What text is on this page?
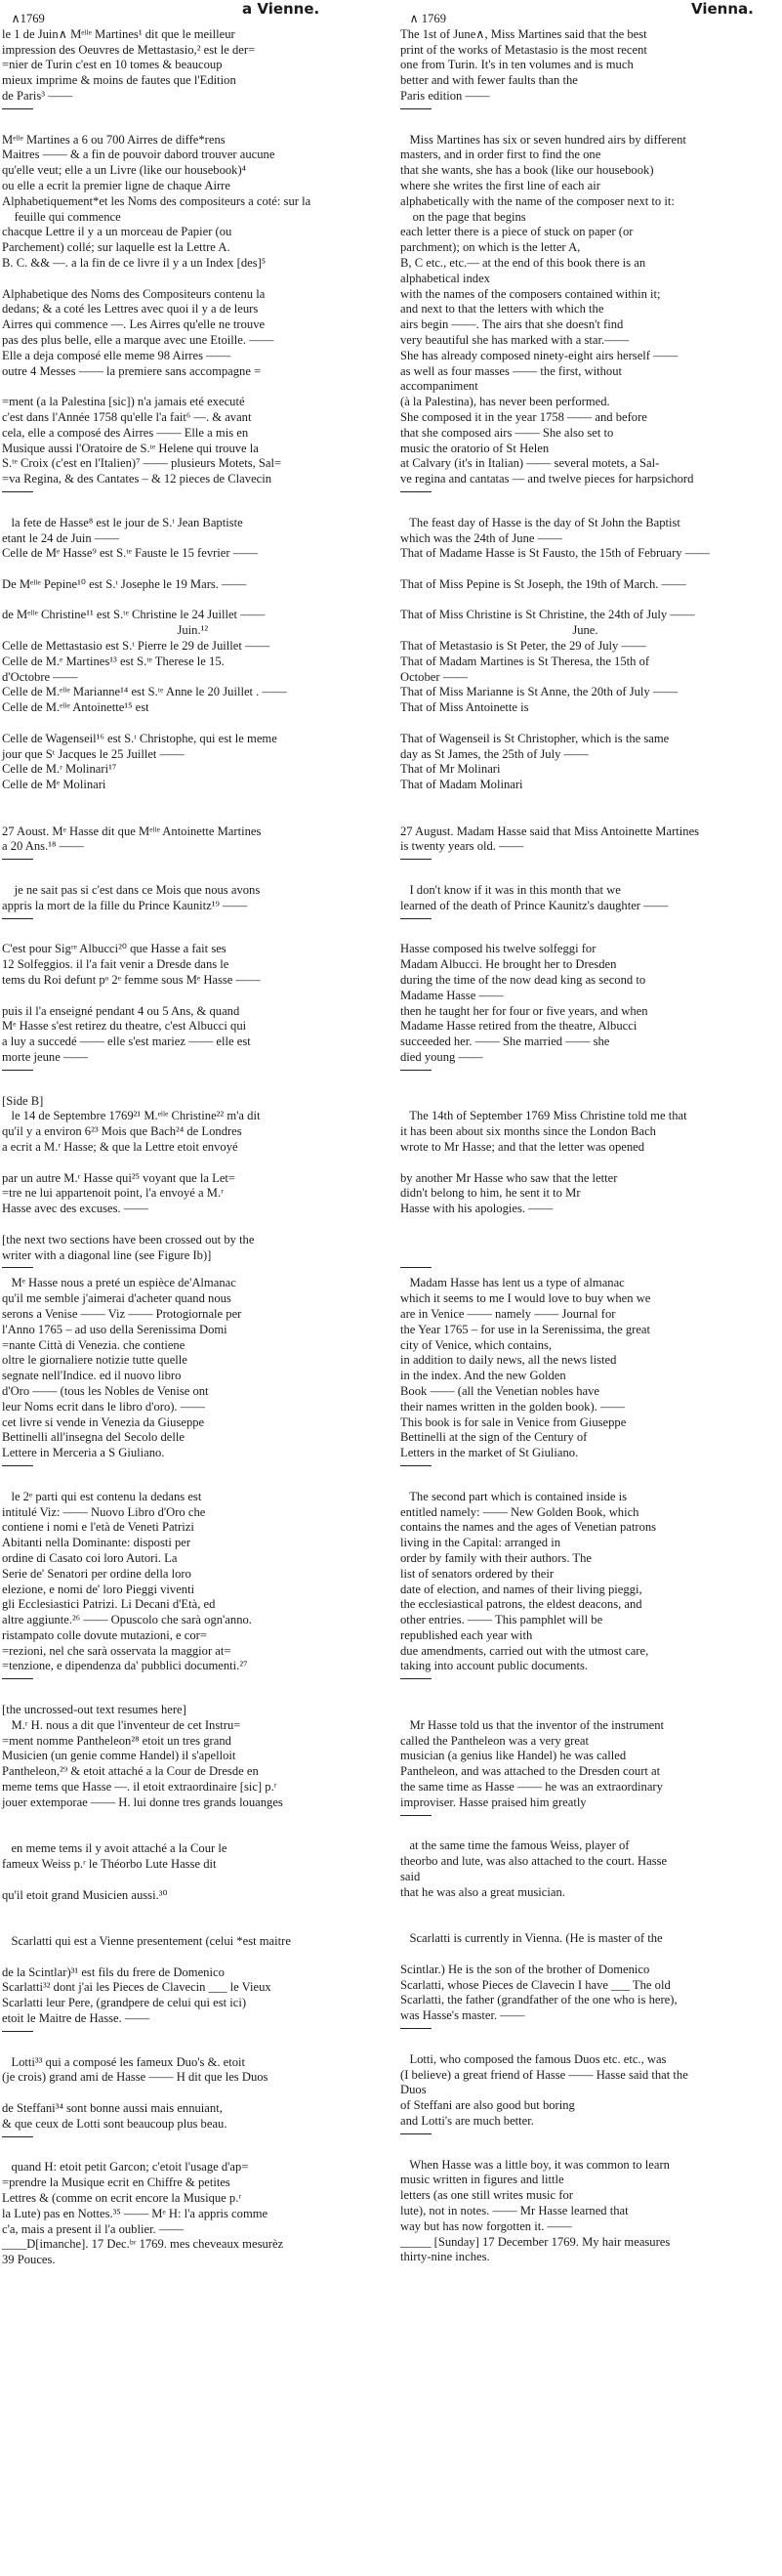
a Vienne.	Vienna.
∧1769
le 1 de Juin∧ Mᵉˡˡᵉ Martines¹ dit que le meilleur
impression des Oeuvres de Mettastasio,² est le der=
=nier de Turin c'est en 10 tomes & beaucoup
mieux imprime & moins de fautes que l'Edition
de Paris³ ——
Mᵉˡˡᵉ Martines a 6 ou 700 Airres de diffe*rens
Maitres —— & a fin de pouvoir dabord trouver aucune
qu'elle veut; elle a un Livre (like our housebook)⁴
ou elle a ecrit la premier ligne de chaque Airre
Alphabetiquement*et les Noms des compositeurs a coté: sur la
feuille qui commence
chacque Lettre il y a un morceau de Papier (ou
Parchement) collé; sur laquelle est la Lettre A.
B. C. && —. a la fin de ce livre il y a un Index [des]⁵
Alphabetique des Noms des Compositeurs contenu la
dedans; & a coté les Lettres avec quoi il y a de leurs
Airres qui commence —. Les Airres qu'elle ne trouve
pas des plus belle, elle a marque avec une Etoille. ——
Elle a deja composé elle meme 98 Airres ——
outre 4 Messes —— la premiere sans accompagne =
=ment (a la Palestina [sic]) n'a jamais eté executé
c'est dans l'Année 1758 qu'elle l'a fait⁶ —. & avant
cela, elle a composé des Airres —— Elle a mis en
Musique aussi l'Oratoire de S.ᵗᵉ Helene qui trouve la
S.ᵗᵉ Croix (c'est en l'Italien)⁷ —— plusieurs Motets, Sal=
=va Regina, & des Cantates – & 12 pieces de Clavecin
la fete de Hasse⁸ est le jour de S.ᵗ Jean Baptiste
etant le 24 de Juin ——
Celle de Mᵉ Hasse⁹ est S.ᵗᵉ Fauste le 15 fevrier ——
De Mᵉˡˡᵉ Pepine¹⁰ est S.ᵗ Josephe le 19 Mars. ——
de Mᵉˡˡᵉ Christine¹¹ est S.ᵗᵉ Christine le 24 Juillet ——
Juin.¹²
Celle de Mettastasio est S.ᵗ Pierre le 29 de Juillet ——
Celle de M.ᵉ Martines¹³ est S.ᵗᵉ Therese le 15.
d'Octobre ——
Celle de M.ᵉˡˡᵉ Marianne¹⁴ est S.ᵗᵉ Anne le 20 Juillet . ——
Celle de M.ᵉˡˡᵉ Antoinette¹⁵ est
Celle de Wagenseil¹⁶ est S.ᵗ Christophe, qui est le meme
jour que Sᵗ Jacques le 25 Juillet ——
Celle de M.ʳ Molinari¹⁷
Celle de Mᵉ Molinari
27 Aoust. Mᵉ Hasse dit que Mᵉˡˡᵉ Antoinette Martines
a 20 Ans.¹⁸ ——
je ne sait pas si c'est dans ce Mois que nous avons
appris la mort de la fille du Prince Kaunitz¹⁹ ——
C'est pour Sigʳᵉ Albucci²⁰ que Hasse a fait ses
12 Solfeggios. il l'a fait venir a Dresde dans le
tems du Roi defunt pᵒ 2ᵉ femme sous Mᵉ Hasse ——
puis il l'a enseigné pendant 4 ou 5 Ans, & quand
Mᵉ Hasse s'est retirez du theatre, c'est Albucci qui
a luy a succedé —— elle s'est mariez —— elle est
morte jeune ——
[Side B]
le 14 de Septembre 1769²¹ M.ᵉˡˡᵉ Christine²² m'a dit
qu'il y a environ 6²³ Mois que Bach²⁴ de Londres
a ecrit a M.ʳ Hasse; & que la Lettre etoit envoyé
par un autre M.ʳ Hasse qui²⁵ voyant que la Let=
=tre ne lui appartenoit point, l'a envoyé a M.ʳ
Hasse avec des excuses. ——
[the next two sections have been crossed out by the
writer with a diagonal line (see Figure Ib)]
Mᵉ Hasse nous a preté un espièce de'Almanac
qu'il me semble j'aimerai d'acheter quand nous
serons a Venise —— Viz —— Protogiornale per
l'Anno 1765 – ad uso della Serenissima Domi
=nante Città di Venezia. che contiene
oltre le giornaliere notizie tutte quelle
segnate nell'Indice. ed il nuovo libro
d'Oro —— (tous les Nobles de Venise ont
leur Noms ecrit dans le libro d'oro). ——
cet livre si vende in Venezia da Giuseppe
Bettinelli all'insegna del Secolo delle
Lettere in Merceria a S Giuliano.
le 2ᵉ parti qui est contenu la dedans est
intitulé Viz: —— Nuovo Libro d'Oro che
contiene i nomi e l'età de Veneti Patrizi
Abitanti nella Dominante: disposti per
ordine di Casato coi loro Autori. La
Serie de' Senatori per ordine della loro
elezione, e nomi de' loro Pieggi viventi
gli Ecclesiastici Patrizi. Li Decani d'Età, ed
altre aggiunte.²⁶ —— Opuscolo che sarà ogn'anno.
ristampato colle dovute mutazioni, e cor=
=rezioni, nel che sarà osservata la maggior at=
=tenzione, e dipendenza da' pubblici documenti.²⁷
[the uncrossed-out text resumes here]
M.ʳ H. nous a dit que l'inventeur de cet Instru=
=ment nomme Pantheleon²⁸ etoit un tres grand
Musicien (un genie comme Handel) il s'apelloit
Pantheleon,²⁹ & etoit attaché a la Cour de Dresde en
meme tems que Hasse —. il etoit extraordinaire [sic] p.ʳ
jouer extemporae —— H. lui donne tres grands louanges
en meme tems il y avoit attaché a la Cour le
fameux Weiss p.ʳ le Théorbo Lute Hasse dit
qu'il etoit grand Musicien aussi.³⁰
Scarlatti qui est a Vienne presentement (celui *est maitre
de la Scintlar)³¹ est fils du frere de Domenico
Scarlatti³² dont j'ai les Pieces de Clavecin ___ le Vieux
Scarlatti leur Pere, (grandpere de celui qui est ici)
etoit le Maitre de Hasse. ——
Lotti³³ qui a composé les fameux Duo's &. etoit
(je crois) grand ami de Hasse —— H dit que les Duos
de Steffani³⁴ sont bonne aussi mais ennuiant,
& que ceux de Lotti sont beaucoup plus beau.
quand H: etoit petit Garcon; c'etoit l'usage d'ap=
=prendre la Musique ecrit en Chiffre & petites
Lettres & (comme on ecrit encore la Musique p.ʳ
la Lute) pas en Nottes.³⁵ —— Mᵉ H: l'a appris comme
c'a, mais a present il l'a oublier. ——
____D[imanche]. 17 Dec.ᵇʳ 1769. mes cheveaux mesurèz
39 Pouces.
∧ 1769
The 1st of June∧, Miss Martines said that the best
print of the works of Metastasio is the most recent
one from Turin. It's in ten volumes and is much
better and with fewer faults than the
Paris edition ——
Miss Martines has six or seven hundred airs by different
masters, and in order first to find the one
that she wants, she has a book (like our housebook)
where she writes the first line of each air
alphabetically with the name of the composer next to it:
on the page that begins
each letter there is a piece of stuck on paper (or
parchment); on which is the letter A,
B, C etc., etc.— at the end of this book there is an
alphabetical index
with the names of the composers contained within it;
and next to that the letters with which the
airs begin ——. The airs that she doesn't find
very beautiful she has marked with a star.——
She has already composed ninety-eight airs herself ——
as well as four masses —— the first, without
accompaniment
(à la Palestina), has never been performed.
She composed it in the year 1758 —— and before
that she composed airs —— She also set to
music the oratorio of St Helen
at Calvary (it's in Italian) —— several motets, a Sal-
ve regina and cantatas — and twelve pieces for harpsichord
The feast day of Hasse is the day of St John the Baptist
which was the 24th of June ——
That of Madame Hasse is St Fausto, the 15th of February ——
That of Miss Pepine is St Joseph, the 19th of March. ——
That of Miss Christine is St Christine, the 24th of July ——
June.
That of Metastasio is St Peter, the 29 of July ——
That of Madam Martines is St Theresa, the 15th of
October ——
That of Miss Marianne is St Anne, the 20th of July ——
That of Miss Antoinette is
That of Wagenseil is St Christopher, which is the same
day as St James, the 25th of July ——
That of Mr Molinari
That of Madam Molinari
27 August. Madam Hasse said that Miss Antoinette Martines
is twenty years old. ——
I don't know if it was in this month that we
learned of the death of Prince Kaunitz's daughter ——
Hasse composed his twelve solfeggi for
Madam Albucci. He brought her to Dresden
during the time of the now dead king as second to
Madame Hasse ——
then he taught her for four or five years, and when
Madame Hasse retired from the theatre, Albucci
succeeded her. —— She married —— she
died young ——
The 14th of September 1769 Miss Christine told me that
it has been about six months since the London Bach
wrote to Mr Hasse; and that the letter was opened
by another Mr Hasse who saw that the letter
didn't belong to him, he sent it to Mr
Hasse with his apologies. ——
Madam Hasse has lent us a type of almanac
which it seems to me I would love to buy when we
are in Venice —— namely —— Journal for
the Year 1765 – for use in la Serenissima, the great
city of Venice, which contains,
in addition to daily news, all the news listed
in the index. And the new Golden
Book —— (all the Venetian nobles have
their names written in the golden book). ——
This book is for sale in Venice from Giuseppe
Bettinelli at the sign of the Century of
Letters in the market of St Giuliano.
The second part which is contained inside is
entitled namely: —— New Golden Book, which
contains the names and the ages of Venetian patrons
living in the Capital: arranged in
order by family with their authors. The
list of senators ordered by their
date of election, and names of their living pieggi,
the ecclesiastical patrons, the eldest deacons, and
other entries. —— This pamphlet will be
republished each year with
due amendments, carried out with the utmost care,
taking into account public documents.
Mr Hasse told us that the inventor of the instrument
called the Pantheleon was a very great
musician (a genius like Handel) he was called
Pantheleon, and was attached to the Dresden court at
the same time as Hasse —— he was an extraordinary
improviser. Hasse praised him greatly
at the same time the famous Weiss, player of
theorbo and lute, was also attached to the court. Hasse
said
that he was also a great musician.
Scarlatti is currently in Vienna. (He is master of the
Scintlar.) He is the son of the brother of Domenico
Scarlatti, whose Pieces de Clavecin I have ___ The old
Scarlatti, the father (grandfather of the one who is here),
was Hasse's master. ——
Lotti, who composed the famous Duos etc. etc., was
(I believe) a great friend of Hasse —— Hasse said that the
Duos
of Steffani are also good but boring
and Lotti's are much better.
When Hasse was a little boy, it was common to learn
music written in figures and little
letters (as one still writes music for
lute), not in notes. —— Mr Hasse learned that
way but has now forgotten it. ——
_____ [Sunday] 17 December 1769. My hair measures
thirty-nine inches.
